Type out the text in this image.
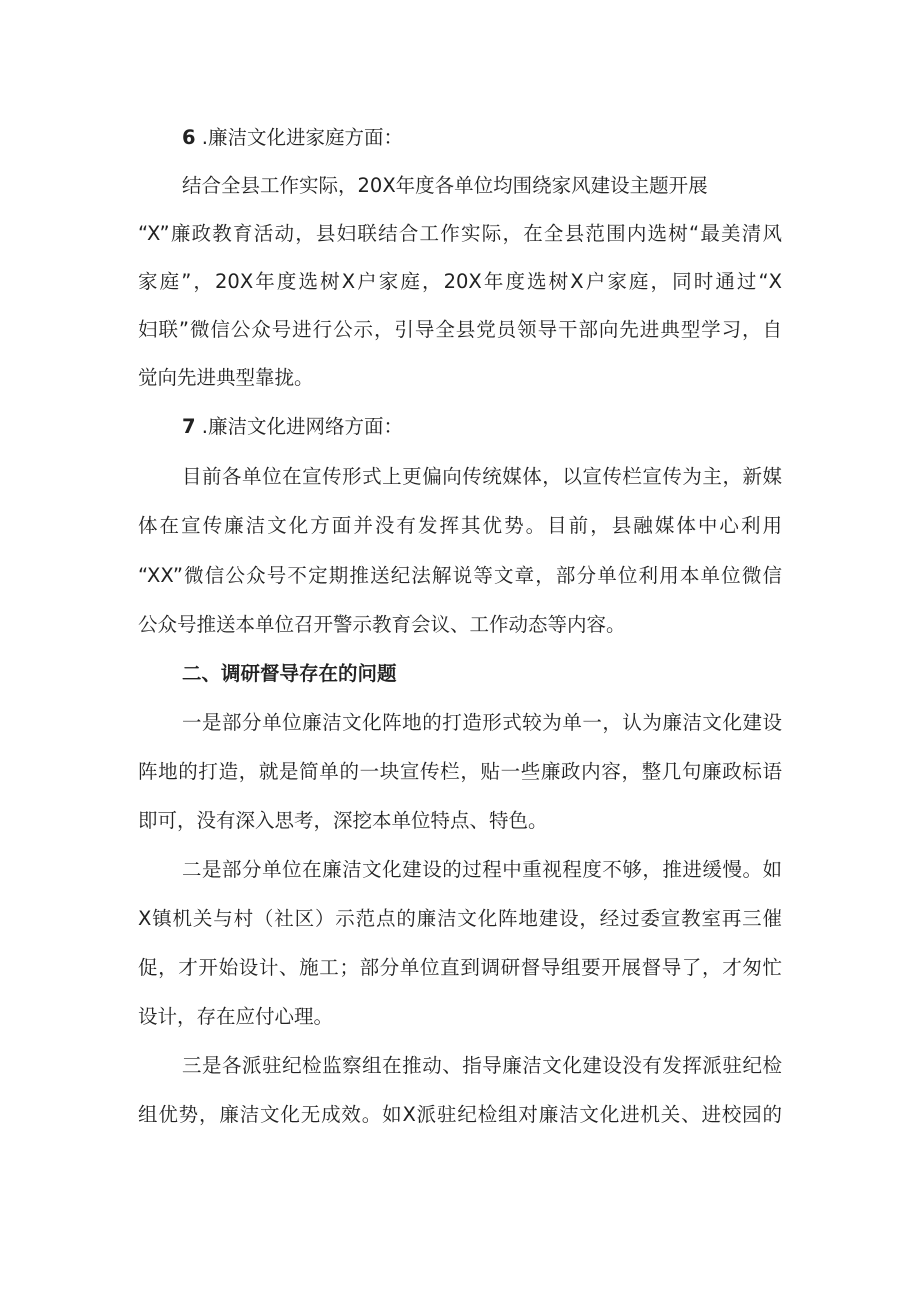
6 .廉洁文化进家庭方面：
结合全县工作实际，20X年度各单位均围绕家风建设主题开展
“X”廉政教育活动，县妇联结合工作实际，在全县范围内选树“最美清风
家庭”，20X年度选树X户家庭，20X年度选树X户家庭，同时通过“X
妇联”微信公众号进行公示，引导全县党员领导干部向先进典型学习，自
觉向先进典型靠拢。
7 .廉洁文化进网络方面：
目前各单位在宣传形式上更偏向传统媒体，以宣传栏宣传为主，新媒
体在宣传廉洁文化方面并没有发挥其优势。目前，县融媒体中心利用
“XX”微信公众号不定期推送纪法解说等文章，部分单位利用本单位微信
公众号推送本单位召开警示教育会议、工作动态等内容。
二、调研督导存在的问题
一是部分单位廉洁文化阵地的打造形式较为单一，认为廉洁文化建设
阵地的打造，就是简单的一块宣传栏，贴一些廉政内容，整几句廉政标语
即可，没有深入思考，深挖本单位特点、特色。
二是部分单位在廉洁文化建设的过程中重视程度不够，推进缓慢。如
X镇机关与村（社区）示范点的廉洁文化阵地建设，经过委宣教室再三催
促，才开始设计、施工；部分单位直到调研督导组要开展督导了，才匆忙
设计，存在应付心理。
三是各派驻纪检监察组在推动、指导廉洁文化建设没有发挥派驻纪检
组优势，廉洁文化无成效。如X派驻纪检组对廉洁文化进机关、进校园的
